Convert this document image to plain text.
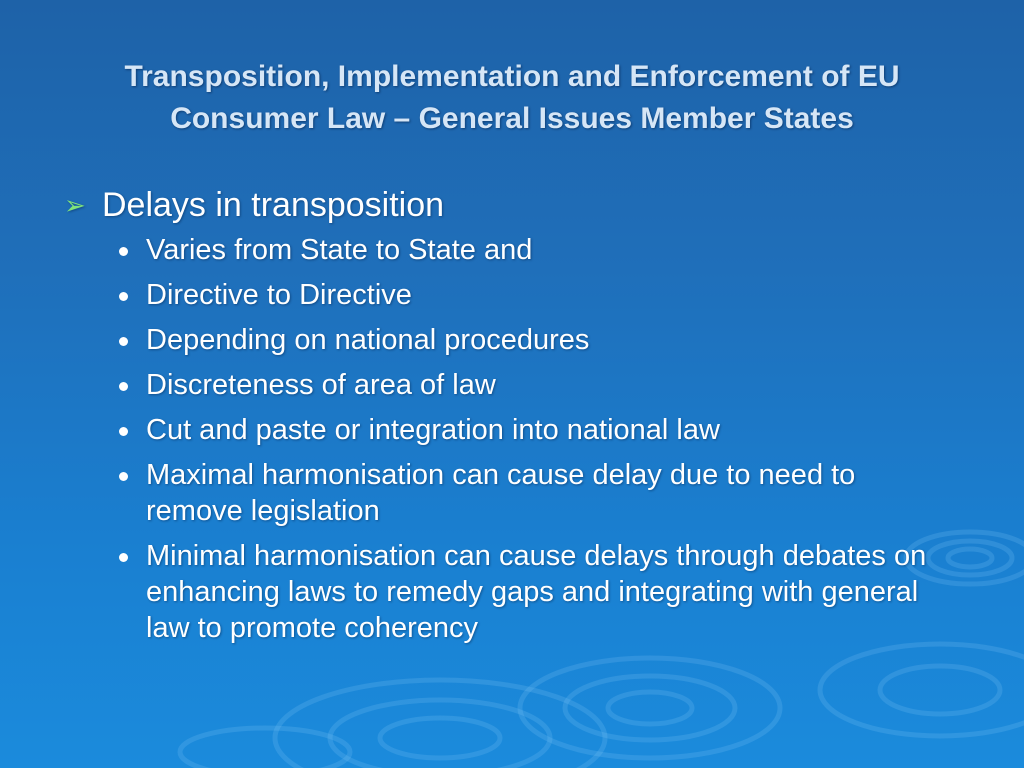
Transposition, Implementation and Enforcement of EU
Consumer Law – General Issues Member States
➢ Delays in transposition
Varies from State to State and
Directive to Directive
Depending on national procedures
Discreteness of area of law
Cut and paste or integration into national law
Maximal harmonisation can cause delay due to need to remove legislation
Minimal harmonisation can cause delays through debates on enhancing laws to remedy gaps and integrating with general law to promote coherency
